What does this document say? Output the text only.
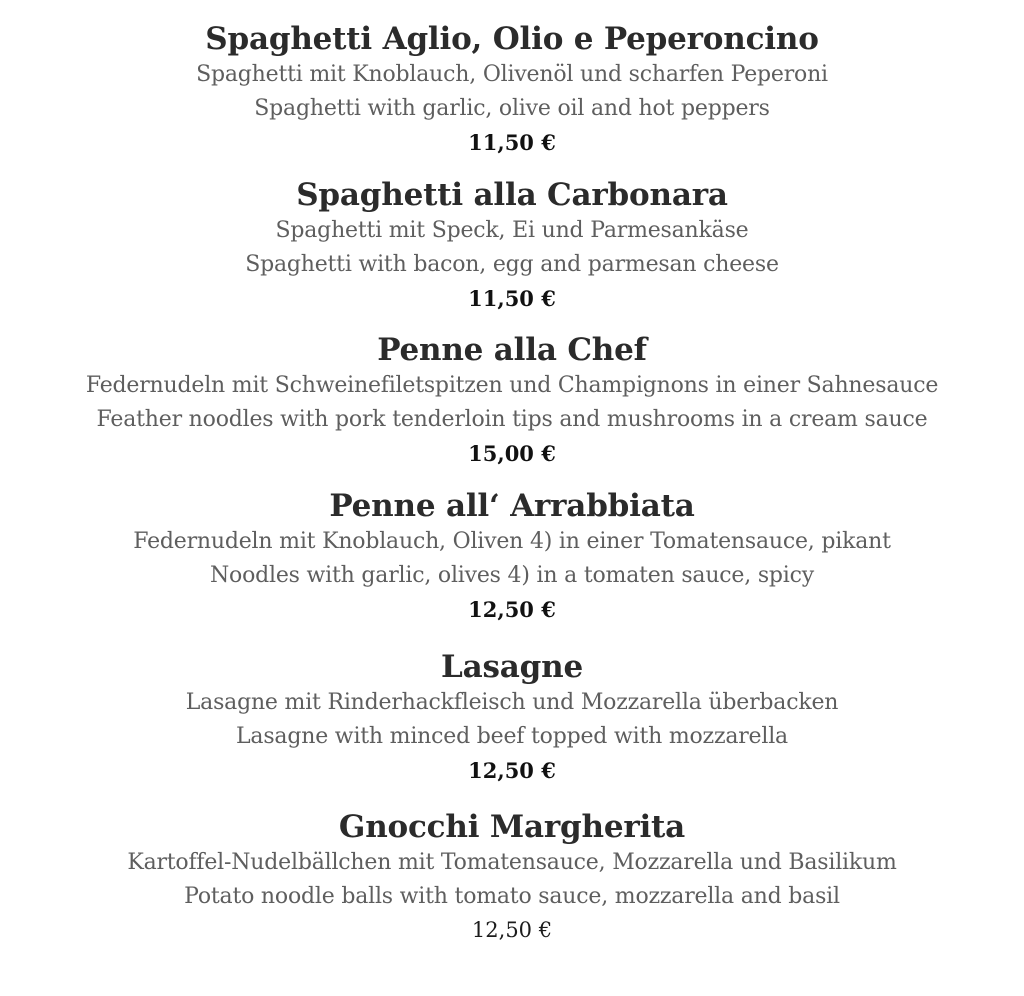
Spaghetti Aglio, Olio e Peperoncino
Spaghetti mit Knoblauch, Olivenöl und scharfen Peperoni
Spaghetti with garlic, olive oil and hot peppers
11,50 €
Spaghetti alla Carbonara
Spaghetti mit Speck, Ei und Parmesankäse
Spaghetti with bacon, egg and parmesan cheese
11,50 €
Penne alla Chef
Federnudeln mit Schweinefiletspitzen und Champignons in einer Sahnesauce
Feather noodles with pork tenderloin tips and mushrooms in a cream sauce
15,00 €
Penne all‘ Arrabbiata
Federnudeln mit Knoblauch, Oliven 4) in einer Tomatensauce, pikant
Noodles with garlic, olives 4) in a tomaten sauce, spicy
12,50 €
Lasagne
Lasagne mit Rinderhackfleisch und Mozzarella überbacken
Lasagne with minced beef topped with mozzarella
12,50 €
Gnocchi Margherita
Kartoffel-Nudelbällchen mit Tomatensauce, Mozzarella und Basilikum
Potato noodle balls with tomato sauce, mozzarella and basil
12,50 €
